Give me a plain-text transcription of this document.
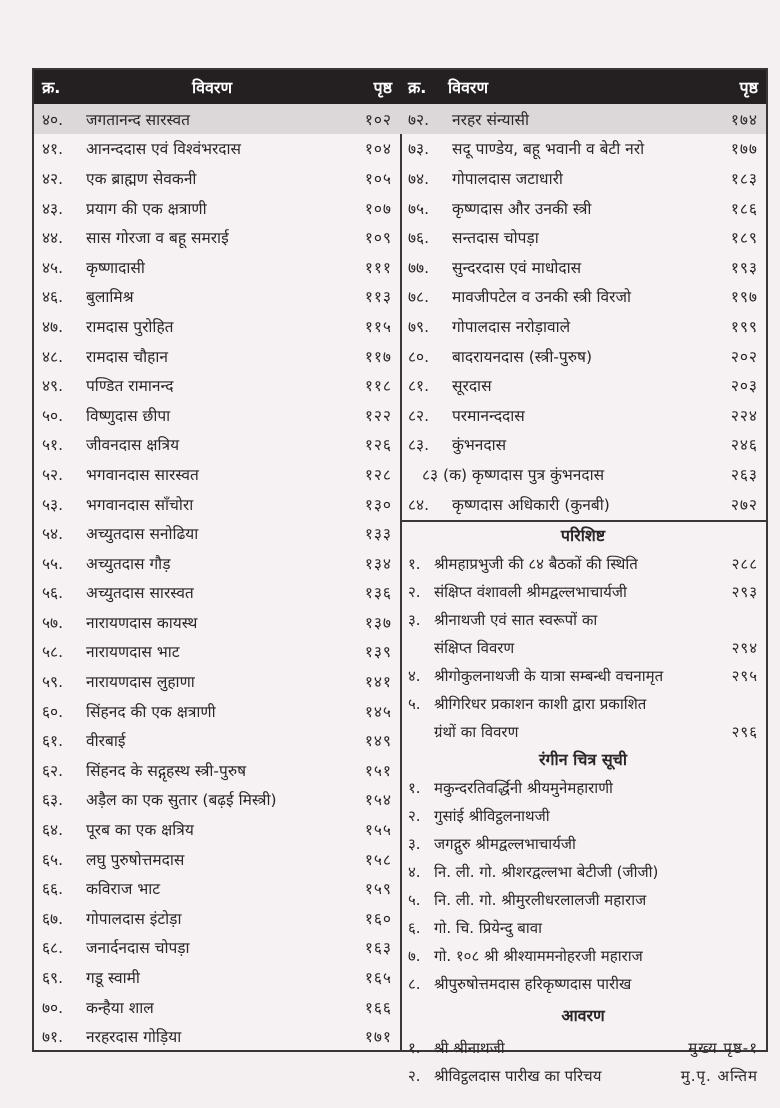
क्र.	विवरण	पृष्ठ
४०.	जगतानन्द सारस्वत	१०२
४१.	आनन्ददास एवं विश्वंभरदास	१०४
४२.	एक ब्राह्मण सेवकनी	१०५
४३.	प्रयाग की एक क्षत्राणी	१०७
४४.	सास गोरजा व बहू समराई	१०९
४५.	कृष्णादासी	१११
४६.	बुलामिश्र	११३
४७.	रामदास पुरोहित	११५
४८.	रामदास चौहान	११७
४९.	पण्डित रामानन्द	११८
५०.	विष्णुदास छीपा	१२२
५१.	जीवनदास क्षत्रिय	१२६
५२.	भगवानदास सारस्वत	१२८
५३.	भगवानदास साँचोरा	१३०
५४.	अच्युतदास सनोढिया	१३३
५५.	अच्युतदास गौड़	१३४
५६.	अच्युतदास सारस्वत	१३६
५७.	नारायणदास कायस्थ	१३७
५८.	नारायणदास भाट	१३९
५९.	नारायणदास लुहाणा	१४१
६०.	सिंहनद की एक क्षत्राणी	१४५
६१.	वीरबाई	१४९
६२.	सिंहनद के सद्गृहस्थ स्त्री-पुरुष	१५१
६३.	अड़ैल का एक सुतार (बढ़ई मिस्त्री)	१५४
६४.	पूरब का एक क्षत्रिय	१५५
६५.	लघु पुरुषोत्तमदास	१५८
६६.	कविराज भाट	१५९
६७.	गोपालदास इंटोड़ा	१६०
६८.	जनार्दनदास चोपड़ा	१६३
६९.	गडू स्वामी	१६५
७०.	कन्हैया शाल	१६६
७१.	नरहरदास गोड़िया	१७१
क्र.	विवरण	पृष्ठ
७२.	नरहर संन्यासी	१७४
७३.	सदू पाण्डेय, बहू भवानी व बेटी नरो	१७७
७४.	गोपालदास जटाधारी	१८३
७५.	कृष्णदास और उनकी स्त्री	१८६
७६.	सन्तदास चोपड़ा	१८९
७७.	सुन्दरदास एवं माधोदास	१९३
७८.	मावजीपटेल व उनकी स्त्री विरजो	१९७
७९.	गोपालदास नरोड़ावाले	१९९
८०.	बादरायनदास (स्त्री-पुरुष)	२०२
८१.	सूरदास	२०३
८२.	परमानन्ददास	२२४
८३.	कुंभनदास	२४६
८३ (क) कृष्णदास पुत्र कुंभनदास	२६३
८४.	कृष्णदास अधिकारी (कुनबी)	२७२
परिशिष्ट
१. श्रीमहाप्रभुजी की ८४ बैठकों की स्थिति	२८८
२. संक्षिप्त वंशावली श्रीमद्वल्लभाचार्यजी	२९३
३. श्रीनाथजी एवं सात स्वरूपों का
संक्षिप्त विवरण	२९४
४. श्रीगोकुलनाथजी के यात्रा सम्बन्धी वचनामृत	२९५
५. श्रीगिरिधर प्रकाशन काशी द्वारा प्रकाशित
ग्रंथों का विवरण	२९६
रंगीन चित्र सूची
१. मकुन्दरतिवर्द्धिनी श्रीयमुनेमहाराणी
२. गुसांई श्रीविट्ठलनाथजी
३. जगद्गुरु श्रीमद्वल्लभाचार्यजी
४. नि. ली. गो. श्रीशरद्वल्लभा बेटीजी (जीजी)
५. नि. ली. गो. श्रीमुरलीधरलालजी महाराज
६. गो. चि. प्रियेन्दु बावा
७. गो. १०८ श्री श्रीश्याममनोहरजी महाराज
८. श्रीपुरुषोत्तमदास हरिकृष्णदास पारीख
आवरण
१. श्री श्रीनाथजी	मुख्य पृष्ठ-१
२. श्रीविट्ठलदास पारीख का परिचय	मु.पृ. अन्तिम
